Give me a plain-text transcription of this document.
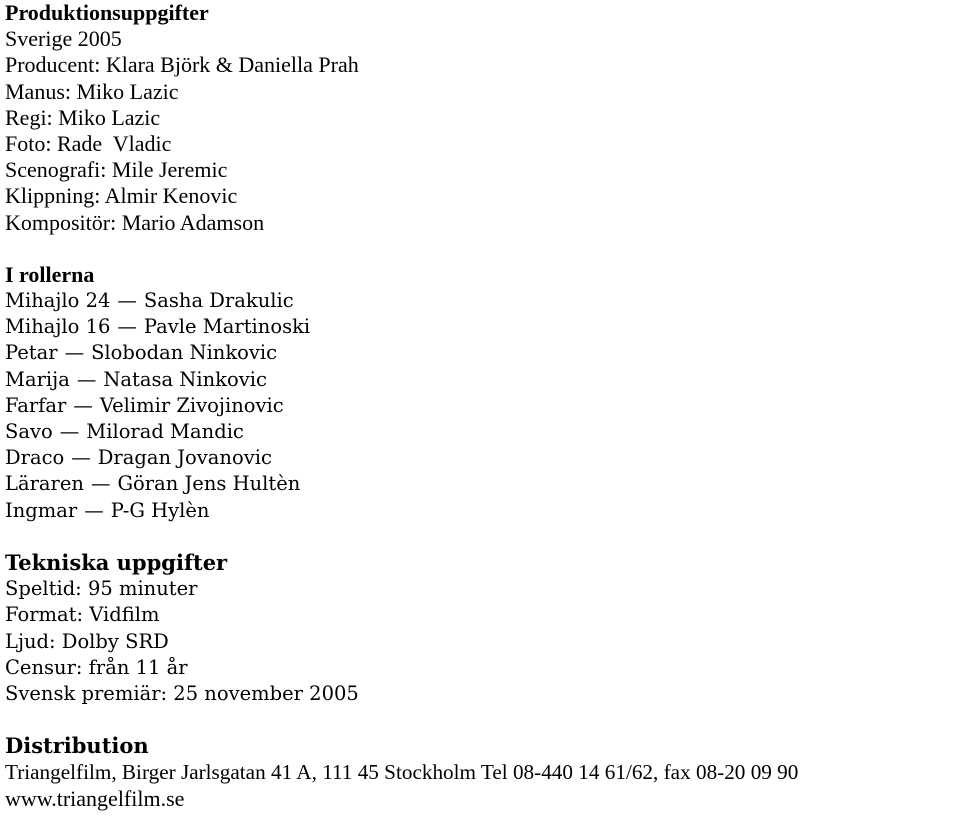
Produktionsuppgifter
Sverige 2005
Producent: Klara Björk & Daniella Prah
Manus: Miko Lazic
Regi: Miko Lazic
Foto: Rade  Vladic
Scenografi: Mile Jeremic
Klippning: Almir Kenovic
Kompositör: Mario Adamson
I rollerna
Mihajlo 24 — Sasha Drakulic
Mihajlo 16 — Pavle Martinoski
Petar — Slobodan Ninkovic
Marija — Natasa Ninkovic
Farfar — Velimir Zivojinovic
Savo — Milorad Mandic
Draco — Dragan Jovanovic
Läraren — Göran Jens Hultèn
Ingmar — P-G Hylèn
Tekniska uppgifter
Speltid: 95 minuter
Format: Vidfilm
Ljud: Dolby SRD
Censur: från 11 år
Svensk premiär: 25 november 2005
Distribution
Triangelfilm, Birger Jarlsgatan 41 A, 111 45 Stockholm Tel 08-440 14 61/62, fax 08-20 09 90
www.triangelfilm.se
